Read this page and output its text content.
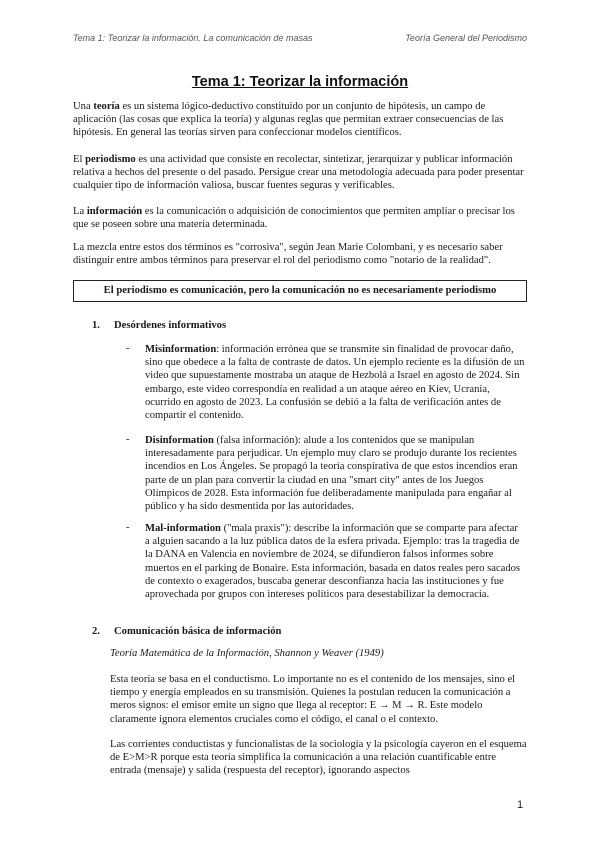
Tema 1: Teorizar la información. La comunicación de masas	Teoría General del Periodismo
Tema 1: Teorizar la información

Una teoría es un sistema lógico-deductivo constituido por un conjunto de hipótesis, un campo de aplicación (las cosas que explica la teoría) y algunas reglas que permitan extraer consecuencias de las hipótesis. En general las teorías sirven para confeccionar modelos científicos.

El periodismo es una actividad que consiste en recolectar, sintetizar, jerarquizar y publicar información relativa a hechos del presente o del pasado. Persigue crear una metodología adecuada para poder presentar cualquier tipo de información valiosa, buscar fuentes seguras y verificables.

La información es la comunicación o adquisición de conocimientos que permiten ampliar o precisar los que se poseen sobre una materia determinada.

La mezcla entre estos dos términos es "corrosiva", según Jean Marie Colombani, y es necesario saber distinguir entre ambos términos para preservar el rol del periodismo como "notario de la realidad".

El periodismo es comunicación, pero la comunicación no es necesariamente periodismo
1. Desórdenes informativos
- Misinformation: información errónea que se transmite sin finalidad de provocar daño, sino que obedece a la falta de contraste de datos. Un ejemplo reciente es la difusión de un video que supuestamente mostraba un ataque de Hezbolá a Israel en agosto de 2024. Sin embargo, este video correspondía en realidad a un ataque aéreo en Kiev, Ucrania, ocurrido en agosto de 2023. La confusión se debió a la falta de verificación antes de compartir el contenido.

- Disinformation (falsa información): alude a los contenidos que se manipulan interesadamente para perjudicar. Un ejemplo muy claro se produjo durante los recientes incendios en Los Ángeles. Se propagó la teoría conspirativa de que estos incendios eran parte de un plan para convertir la ciudad en una "smart city" antes de los Juegos Olímpicos de 2028. Esta información fue deliberadamente manipulada para engañar al público y ha sido desmentida por las autoridades.

- Mal-information ("mala praxis"): describe la información que se comparte para afectar a alguien sacando a la luz pública datos de la esfera privada. Ejemplo: tras la tragedia de la DANA en Valencia en noviembre de 2024, se difundieron falsos informes sobre muertos en el parking de Bonaire. Esta información, basada en datos reales pero sacados de contexto o exagerados, buscaba generar desconfianza hacia las instituciones y fue aprovechada por grupos con intereses políticos para desestabilizar la democracia.

2. Comunicación básica de información
Teoría Matemática de la Información, Shannon y Weaver (1949)

Esta teoría se basa en el conductismo. Lo importante no es el contenido de los mensajes, sino el tiempo y energía empleados en su transmisión. Quienes la postulan reducen la comunicación a meros signos: el emisor emite un signo que llega al receptor: E → M → R. Este modelo claramente ignora elementos cruciales como el código, el canal o el contexto.

Las corrientes conductistas y funcionalistas de la sociología y la psicología cayeron en el esquema de E>M>R porque esta teoría simplifica la comunicación a una relación cuantificable entre entrada (mensaje) y salida (respuesta del receptor), ignorando aspectos

1
